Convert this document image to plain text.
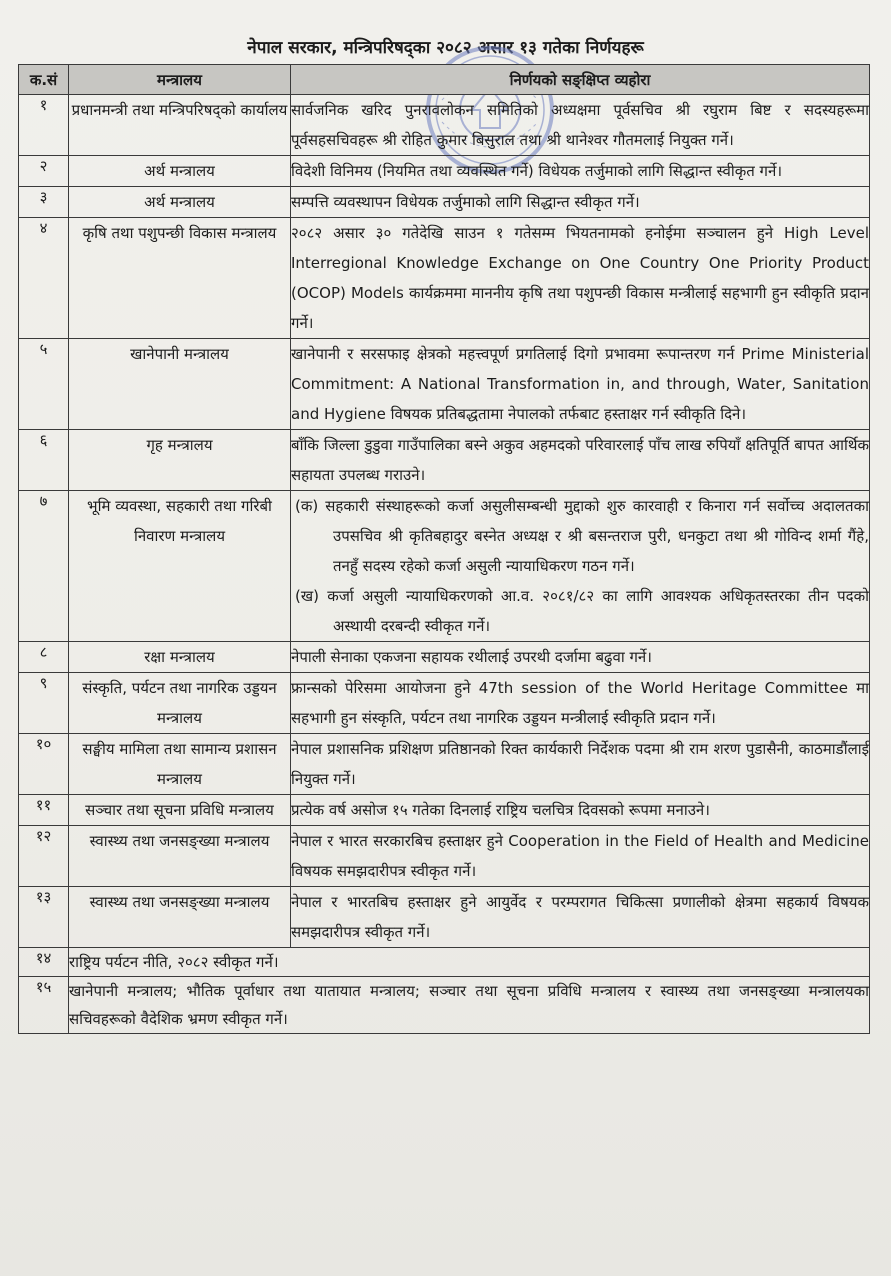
नेपाल सरकार, मन्त्रिपरिषद्का २०८२ असार १३ गतेका निर्णयहरू
क.सं	मन्त्रालय	निर्णयको सङ्क्षिप्त व्यहोरा
१	प्रधानमन्त्री तथा मन्त्रिपरिषद्को कार्यालय	सार्वजनिक खरिद पुनरावलोकन समितिको अध्यक्षमा पूर्वसचिव श्री रघुराम बिष्ट र सदस्यहरूमा पूर्वसहसचिवहरू श्री रोहित कुमार बिसुराल तथा श्री थानेश्वर गौतमलाई नियुक्त गर्ने।
२	अर्थ मन्त्रालय	विदेशी विनिमय (नियमित तथा व्यवस्थित गर्ने) विधेयक तर्जुमाको लागि सिद्धान्त स्वीकृत गर्ने।
३	अर्थ मन्त्रालय	सम्पत्ति व्यवस्थापन विधेयक तर्जुमाको लागि सिद्धान्त स्वीकृत गर्ने।
४	कृषि तथा पशुपन्छी विकास मन्त्रालय	२०८२ असार ३० गतेदेखि साउन १ गतेसम्म भियतनामको हनोईमा सञ्चालन हुने High Level Interregional Knowledge Exchange on One Country One Priority Product (OCOP) Models कार्यक्रममा माननीय कृषि तथा पशुपन्छी विकास मन्त्रीलाई सहभागी हुन स्वीकृति प्रदान गर्ने।
५	खानेपानी मन्त्रालय	खानेपानी र सरसफाइ क्षेत्रको महत्त्वपूर्ण प्रगतिलाई दिगो प्रभावमा रूपान्तरण गर्न Prime Ministerial Commitment: A National Transformation in, and through, Water, Sanitation and Hygiene विषयक प्रतिबद्धतामा नेपालको तर्फबाट हस्ताक्षर गर्न स्वीकृति दिने।
६	गृह मन्त्रालय	बाँकि जिल्ला डुडुवा गाउँपालिका बस्ने अकुव अहमदको परिवारलाई पाँच लाख रुपियाँ क्षतिपूर्ति बापत आर्थिक सहायता उपलब्ध गराउने।
७	भूमि व्यवस्था, सहकारी तथा गरिबी निवारण मन्त्रालय	(क) सहकारी संस्थाहरूको कर्जा असुलीसम्बन्धी मुद्दाको शुरु कारवाही र किनारा गर्न सर्वोच्च अदालतका उपसचिव श्री कृतिबहादुर बस्नेत अध्यक्ष र श्री बसन्तराज पुरी, धनकुटा तथा श्री गोविन्द शर्मा गैंहे, तनहुँ सदस्य रहेको कर्जा असुली न्यायाधिकरण गठन गर्ने।
(ख) कर्जा असुली न्यायाधिकरणको आ.व. २०८१/८२ का लागि आवश्यक अधिकृतस्तरका तीन पदको अस्थायी दरबन्दी स्वीकृत गर्ने।

८	रक्षा मन्त्रालय	नेपाली सेनाका एकजना सहायक रथीलाई उपरथी दर्जामा बढुवा गर्ने।
९	संस्कृति, पर्यटन तथा नागरिक उड्डयन मन्त्रालय	फ्रान्सको पेरिसमा आयोजना हुने 47th session of the World Heritage Committee मा सहभागी हुन संस्कृति, पर्यटन तथा नागरिक उड्डयन मन्त्रीलाई स्वीकृति प्रदान गर्ने।
१०	सङ्घीय मामिला तथा सामान्य प्रशासन मन्त्रालय	नेपाल प्रशासनिक प्रशिक्षण प्रतिष्ठानको रिक्त कार्यकारी निर्देशक पदमा श्री राम शरण पुडासैनी, काठमाडौंलाई नियुक्त गर्ने।
११	सञ्चार तथा सूचना प्रविधि मन्त्रालय	प्रत्येक वर्ष असोज १५ गतेका दिनलाई राष्ट्रिय चलचित्र दिवसको रूपमा मनाउने।
१२	स्वास्थ्य तथा जनसङ्ख्या मन्त्रालय	नेपाल र भारत सरकारबिच हस्ताक्षर हुने Cooperation in the Field of Health and Medicine विषयक समझदारीपत्र स्वीकृत गर्ने।
१३	स्वास्थ्य तथा जनसङ्ख्या मन्त्रालय	नेपाल र भारतबिच हस्ताक्षर हुने आयुर्वेद र परम्परागत चिकित्सा प्रणालीको क्षेत्रमा सहकार्य विषयक समझदारीपत्र स्वीकृत गर्ने।
१४	राष्ट्रिय पर्यटन नीति, २०८२ स्वीकृत गर्ने।	
१५	खानेपानी मन्त्रालय; भौतिक पूर्वाधार तथा यातायात मन्त्रालय; सञ्चार तथा सूचना प्रविधि मन्त्रालय र स्वास्थ्य तथा जनसङ्ख्या मन्त्रालयका सचिवहरूको वैदेशिक भ्रमण स्वीकृत गर्ने।	
